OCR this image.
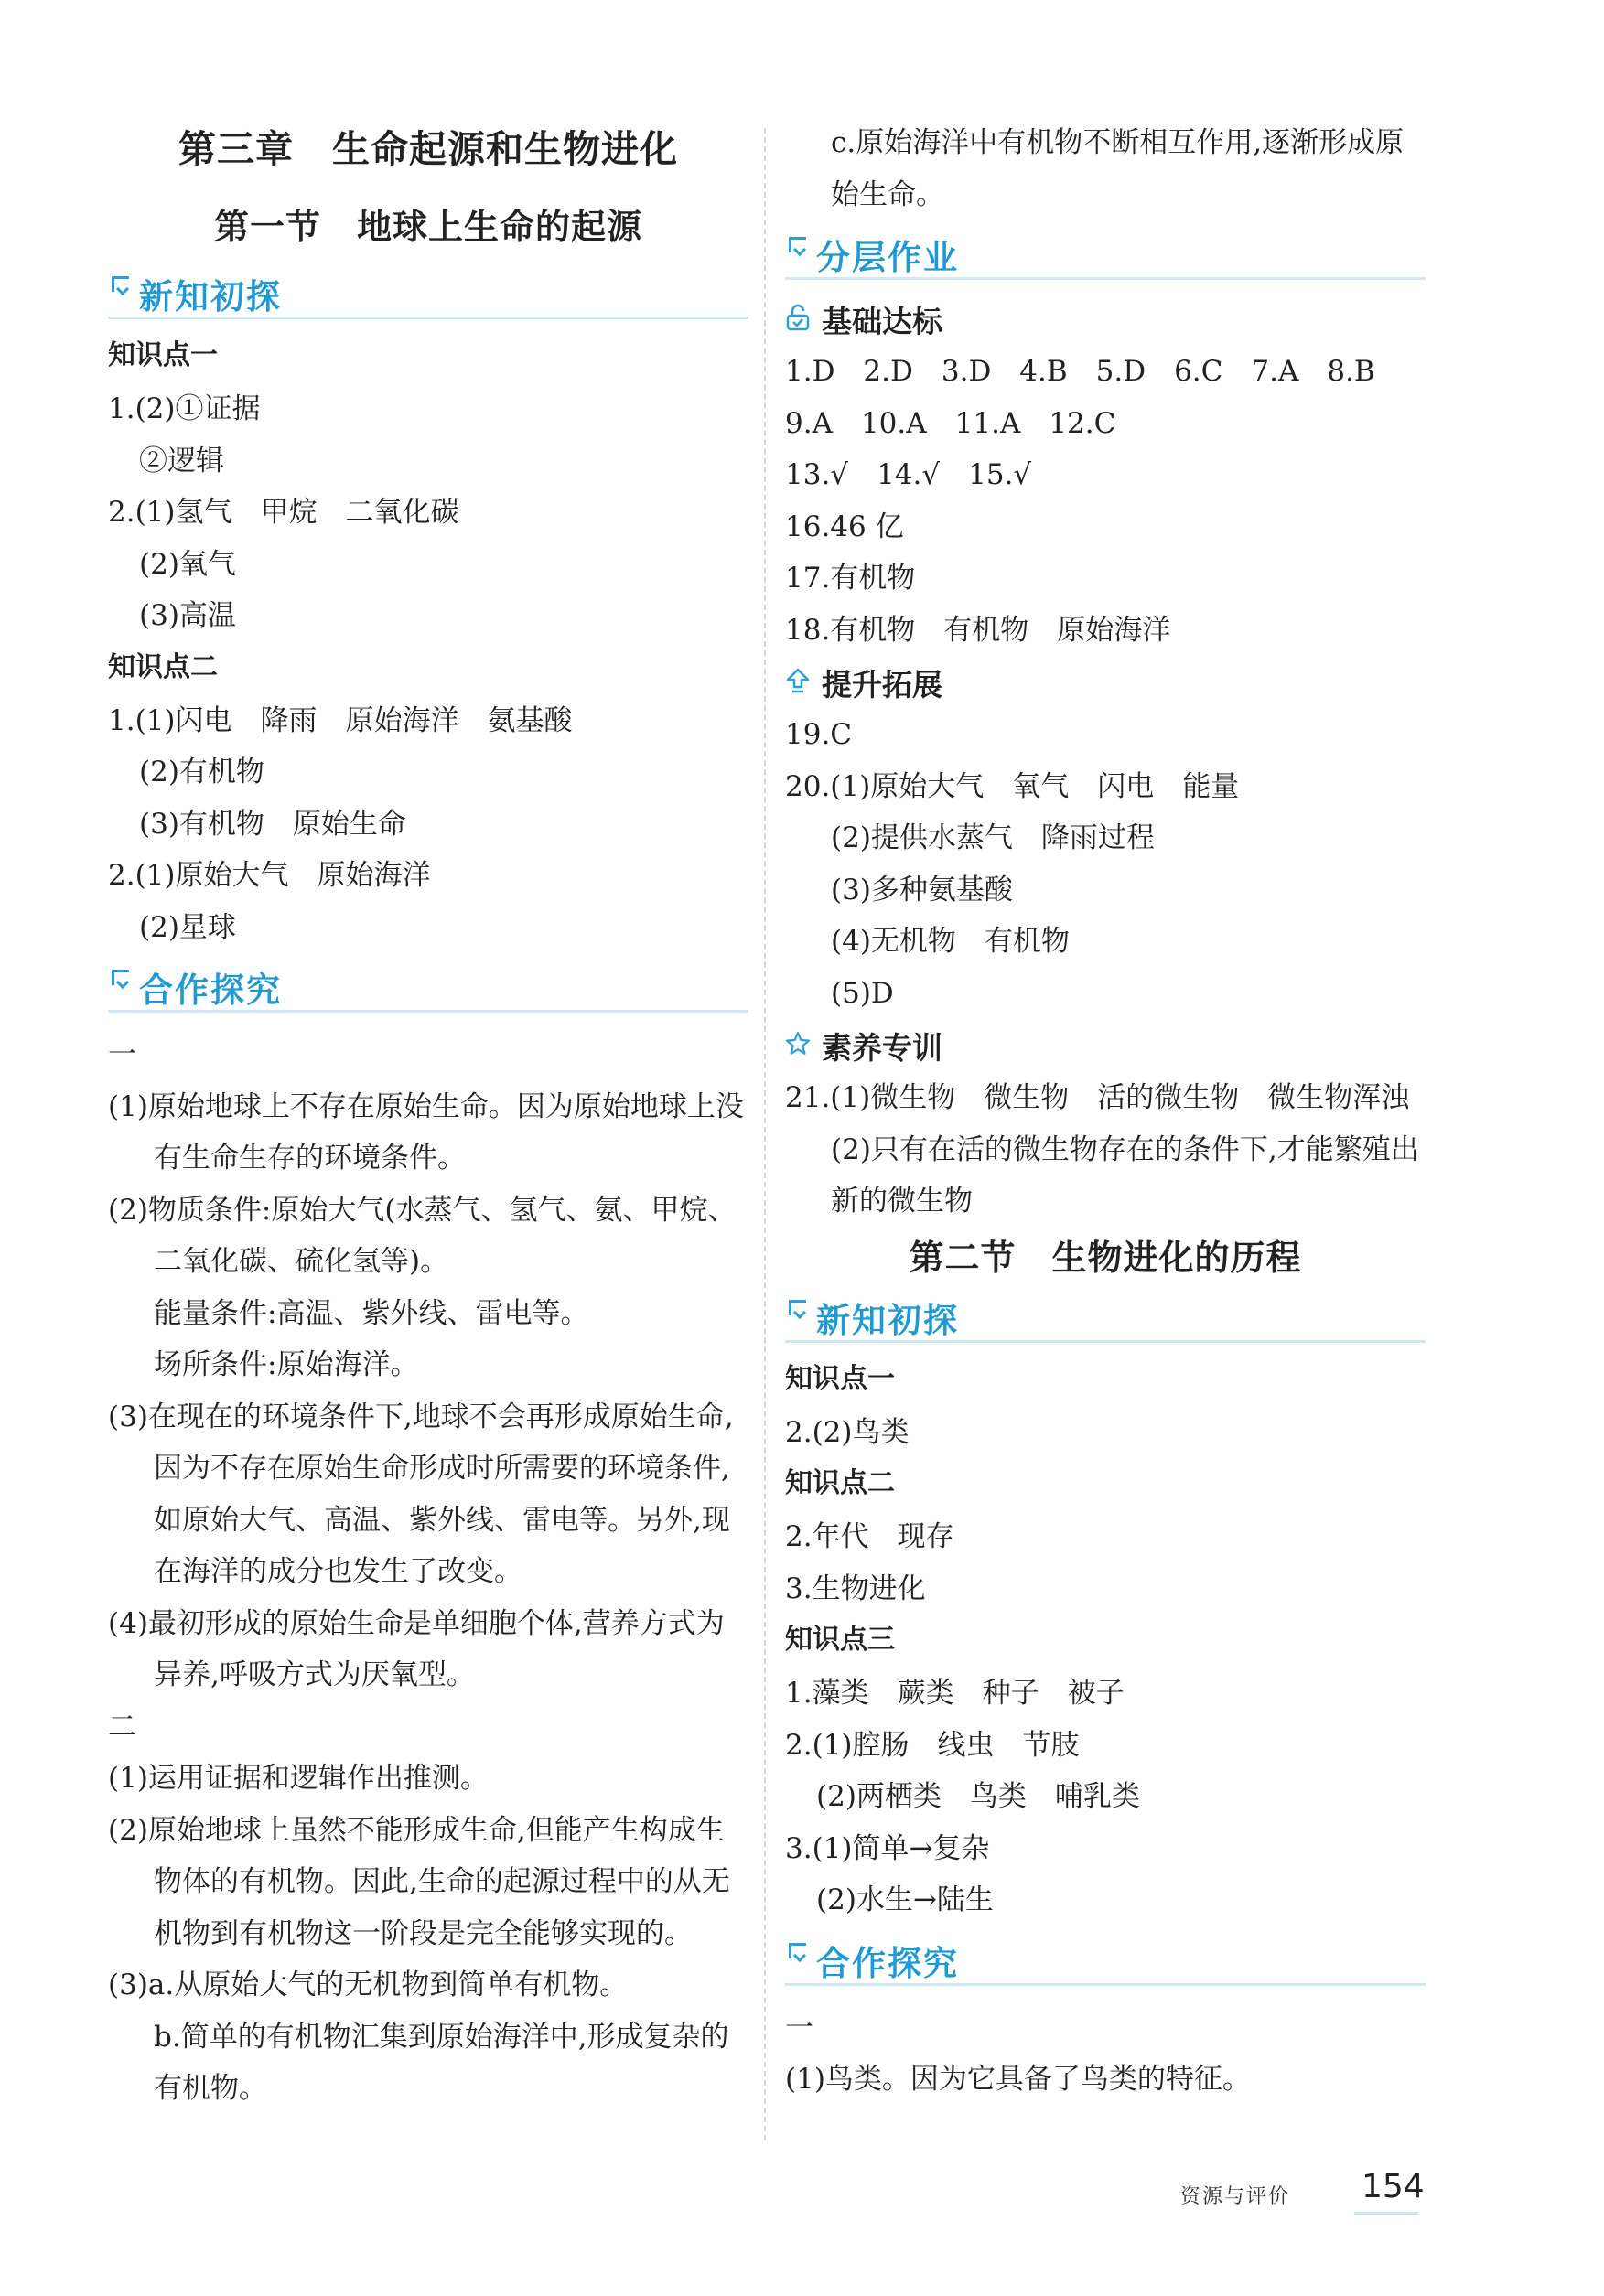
第三章　生命起源和生物进化
第一节　地球上生命的起源
新知初探
知识点一
1.(2)①证据
②逻辑
2.(1)氢气　甲烷　二氧化碳
(2)氧气
(3)高温
知识点二
1.(1)闪电　降雨　原始海洋　氨基酸
(2)有机物
(3)有机物　原始生命
2.(1)原始大气　原始海洋
(2)星球
合作探究
一
(1)原始地球上不存在原始生命。因为原始地球上没有生命生存的环境条件。
(2)物质条件:原始大气(水蒸气、氢气、氨、甲烷、二氧化碳、硫化氢等)。
能量条件:高温、紫外线、雷电等。
场所条件:原始海洋。
(3)在现在的环境条件下,地球不会再形成原始生命,因为不存在原始生命形成时所需要的环境条件,如原始大气、高温、紫外线、雷电等。另外,现在海洋的成分也发生了改变。
(4)最初形成的原始生命是单细胞个体,营养方式为异养,呼吸方式为厌氧型。
二
(1)运用证据和逻辑作出推测。
(2)原始地球上虽然不能形成生命,但能产生构成生物体的有机物。因此,生命的起源过程中的从无机物到有机物这一阶段是完全能够实现的。
(3)a.从原始大气的无机物到简单有机物。
b.简单的有机物汇集到原始海洋中,形成复杂的有机物。
c.原始海洋中有机物不断相互作用,逐渐形成原始生命。
分层作业
基础达标
1.D　2.D　3.D　4.B　5.D　6.C　7.A　8.B
9.A　10.A　11.A　12.C
13.√　14.√　15.√
16.46 亿
17.有机物
18.有机物　有机物　原始海洋
提升拓展
19.C
20.(1)原始大气　氧气　闪电　能量
(2)提供水蒸气　降雨过程
(3)多种氨基酸
(4)无机物　有机物
(5)D
素养专训
21.(1)微生物　微生物　活的微生物　微生物浑浊
(2)只有在活的微生物存在的条件下,才能繁殖出新的微生物
第二节　生物进化的历程
新知初探
知识点一
2.(2)鸟类
知识点二
2.年代　现存
3.生物进化
知识点三
1.藻类　蕨类　种子　被子
2.(1)腔肠　线虫　节肢
(2)两栖类　鸟类　哺乳类
3.(1)简单→复杂
(2)水生→陆生
合作探究
一
(1)鸟类。因为它具备了鸟类的特征。
资源与评价 154
